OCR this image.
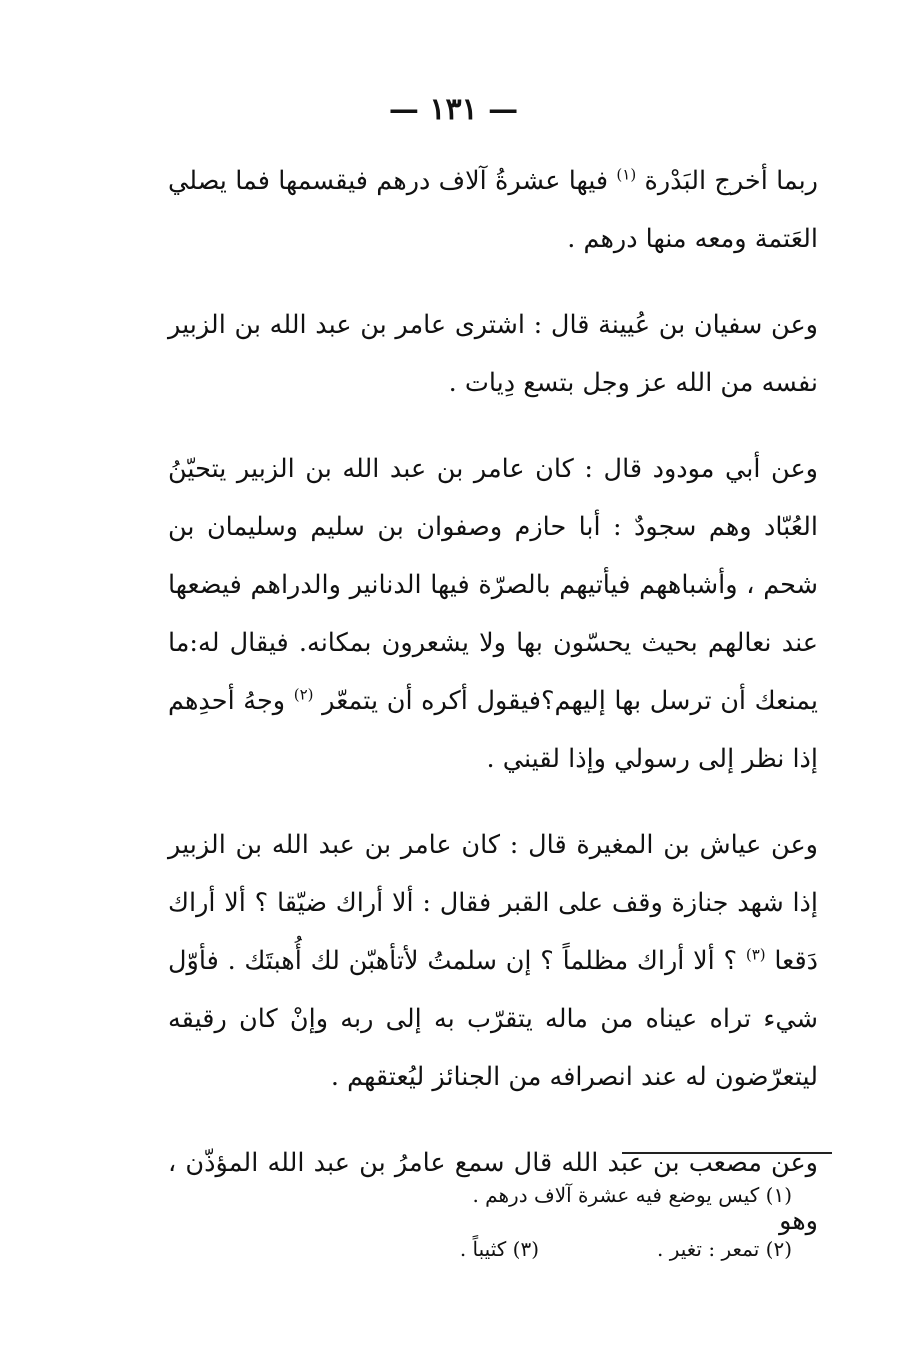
— ١٣١ —

ربما أخرج البَدْرة $^{(١)}$ فيها عشرةُ آلاف درهم فيقسمها فما يصلي العَتمة ومعه منها درهم .

وعن سفيان بن عُيينة قال : اشترى عامر بن عبد الله بن الزبير نفسه من الله عز وجل بتسع دِيات .

وعن أبي مودود قال : كان عامر بن عبد الله بن الزبير يتحيّنُ العُبّاد وهم سجودٌ : أبا حازم وصفوان بن سليم وسليمان بن شحم ، وأشباههم فيأتيهم بالصرّة فيها الدنانير والدراهم فيضعها عند نعالهم بحيث يحسّون بها ولا يشعرون بمكانه. فيقال له:ما يمنعك أن ترسل بها إليهم؟فيقول أكره أن يتمعّر $^{(٢)}$ وجهُ أحدِهم إذا نظر إلى رسولي وإذا لقيني .

وعن عياش بن المغيرة قال : كان عامر بن عبد الله بن الزبير إذا شهد جنازة وقف على القبر فقال : ألا أراك ضيّقا ؟ ألا أراك دَقعا $^{(٣)}$ ؟ ألا أراك مظلماً ؟ إن سلمتُ لأتأهبّن لك أُهبتَك . فأوّل شيء تراه عيناه من ماله يتقرّب به إلى ربه وإنْ كان رقيقه ليتعرّضون له عند انصرافه من الجنائز ليُعتقهم .

وعن مصعب بن عبد الله قال سمع عامرُ بن عبد الله المؤذّن ، وهو

(١) كيس يوضع فيه عشرة آلاف درهم .

(٢) تمعر : تغير .(٣) كثيباً .
